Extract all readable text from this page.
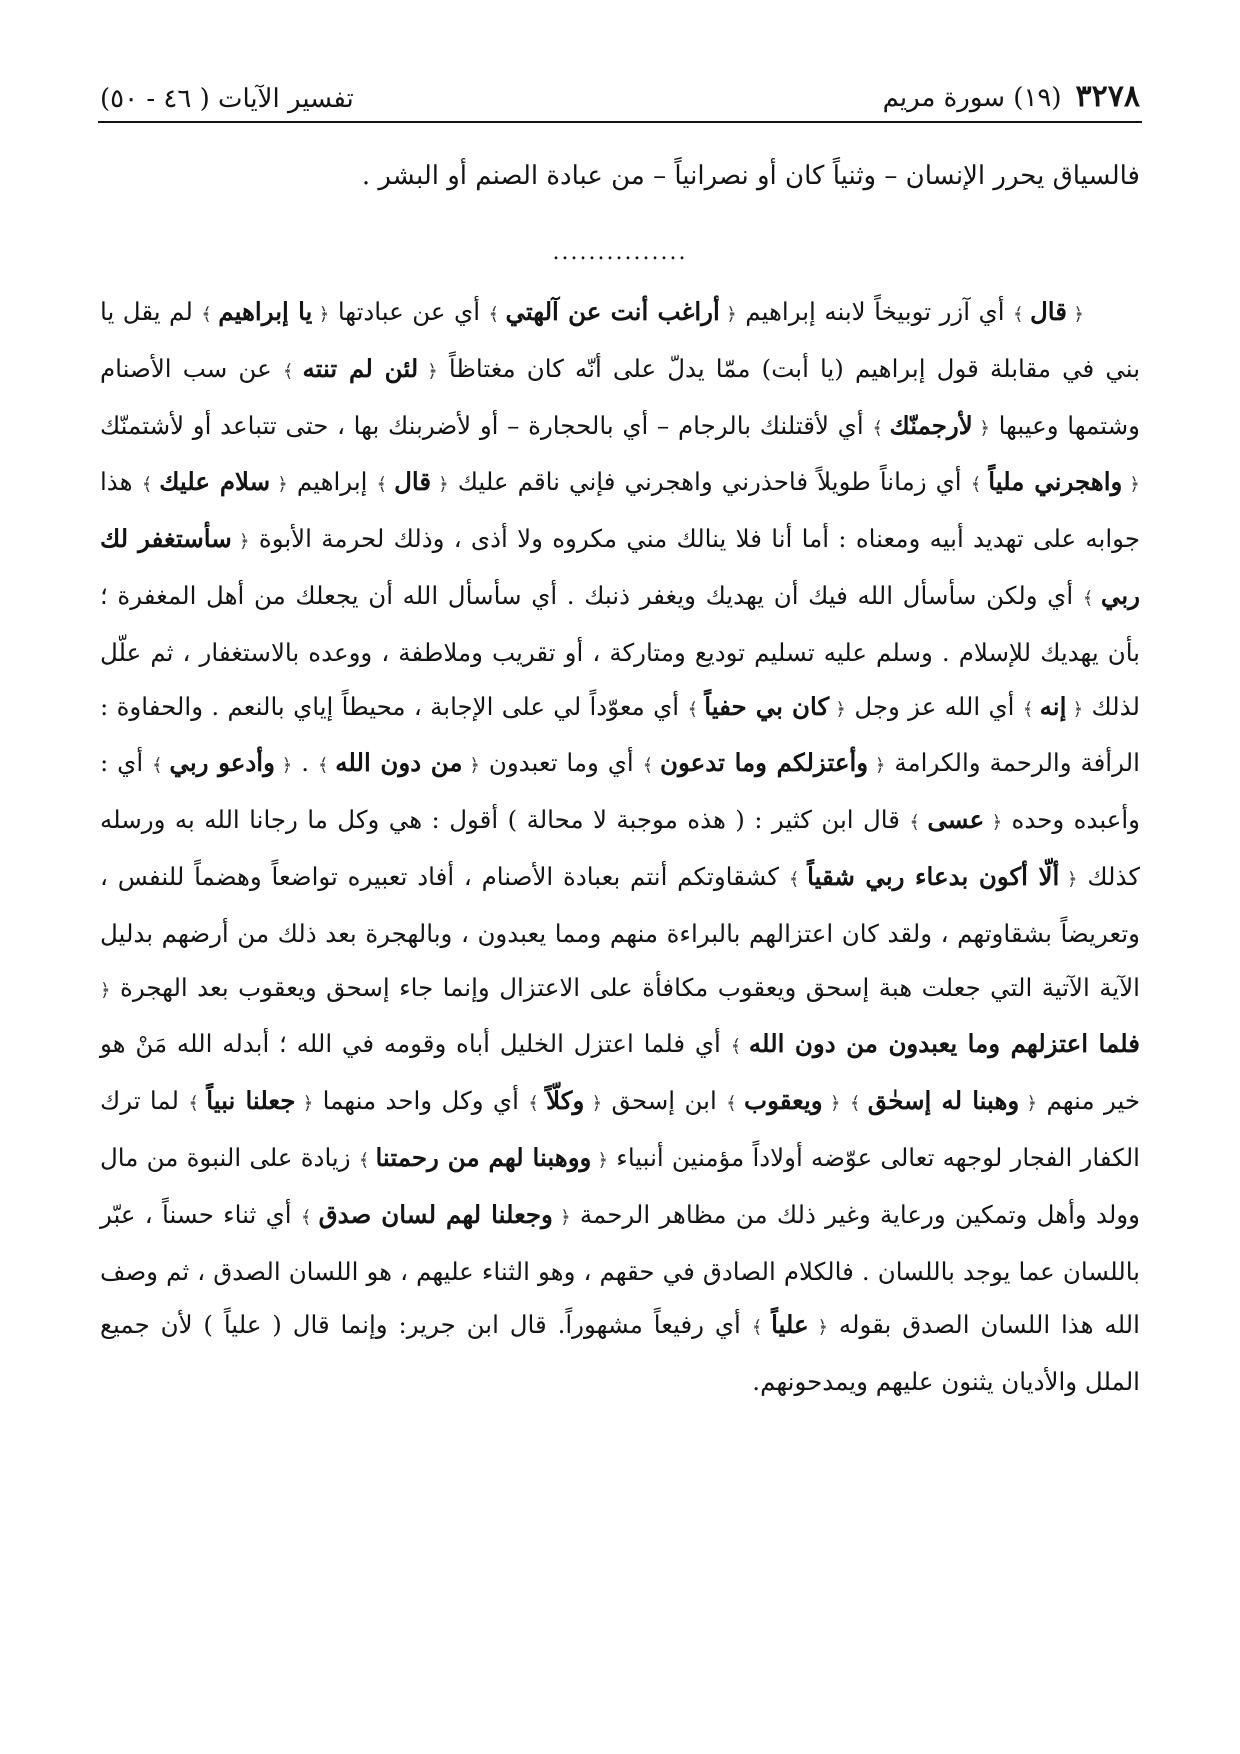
٣٢٧٨
(١٩) سورة مريم
تفسير الآيات ( ٤٦ - ٥٠)
فالسياق يحرر الإنسان – وثنياً كان أو نصرانياً – من عبادة الصنم أو البشر .
...............

﴿ قال ﴾ أي آزر توبيخاً لابنه إبراهيم ﴿ أراغب أنت عن آلهتي ﴾ أي عن عبادتها ﴿ يا إبراهيم ﴾ لم يقل يا بني في مقابلة قول إبراهيم (يا أبت) ممّا يدلّ على أنّه كان مغتاظاً ﴿ لئن لم تنته ﴾ عن سب الأصنام وشتمها وعيبها ﴿ لأرجمنّك ﴾ أي لأقتلنك بالرجام – أي بالحجارة – أو لأضربنك بها ، حتى تتباعد أو لأشتمنّك ﴿ واهجرني ملياً ﴾ أي زماناً طويلاً فاحذرني واهجرني فإني ناقم عليك ﴿ قال ﴾ إبراهيم ﴿ سلام عليك ﴾ هذا جوابه على تهديد أبيه ومعناه : أما أنا فلا ينالك مني مكروه ولا أذى ، وذلك لحرمة الأبوة ﴿ سأستغفر لك ربي ﴾ أي ولكن سأسأل الله فيك أن يهديك ويغفر ذنبك . أي سأسأل الله أن يجعلك من أهل المغفرة ؛ بأن يهديك للإسلام . وسلم عليه تسليم توديع ومتاركة ، أو تقريب وملاطفة ، ووعده بالاستغفار ، ثم علّل لذلك ﴿ إنه ﴾ أي الله عز وجل ﴿ كان بي حفياً ﴾ أي معوّداً لي على الإجابة ، محيطاً إياي بالنعم . والحفاوة : الرأفة والرحمة والكرامة ﴿ وأعتزلكم وما تدعون ﴾ أي وما تعبدون ﴿ من دون الله ﴾ . ﴿ وأدعو ربي ﴾ أي : وأعبده وحده ﴿ عسى ﴾ قال ابن كثير : ( هذه موجبة لا محالة ) أقول : هي وكل ما رجانا الله به ورسله كذلك ﴿ ألّا أكون بدعاء ربي شقياً ﴾ كشقاوتكم أنتم بعبادة الأصنام ، أفاد تعبيره تواضعاً وهضماً للنفس ، وتعريضاً بشقاوتهم ، ولقد كان اعتزالهم بالبراءة منهم ومما يعبدون ، وبالهجرة بعد ذلك من أرضهم بدليل الآية الآتية التي جعلت هبة إسحق ويعقوب مكافأة على الاعتزال وإنما جاء إسحق ويعقوب بعد الهجرة ﴿ فلما اعتزلهم وما يعبدون من دون الله ﴾ أي فلما اعتزل الخليل أباه وقومه في الله ؛ أبدله الله مَنْ هو خير منهم ﴿ وهبنا له إسحٰق ﴾ ﴿ ويعقوب ﴾ ابن إسحق ﴿ وكلّاً ﴾ أي وكل واحد منهما ﴿ جعلنا نبياً ﴾ لما ترك الكفار الفجار لوجهه تعالى عوّضه أولاداً مؤمنين أنبياء ﴿ ووهبنا لهم من رحمتنا ﴾ زيادة على النبوة من مال وولد وأهل وتمكين ورعاية وغير ذلك من مظاهر الرحمة ﴿ وجعلنا لهم لسان صدق ﴾ أي ثناء حسناً ، عبّر باللسان عما يوجد باللسان . فالكلام الصادق في حقهم ، وهو الثناء عليهم ، هو اللسان الصدق ، ثم وصف الله هذا اللسان الصدق بقوله ﴿ علياً ﴾ أي رفيعاً مشهوراً. قال ابن جرير: وإنما قال ( علياً ) لأن جميع الملل والأديان يثنون عليهم ويمدحونهم.
